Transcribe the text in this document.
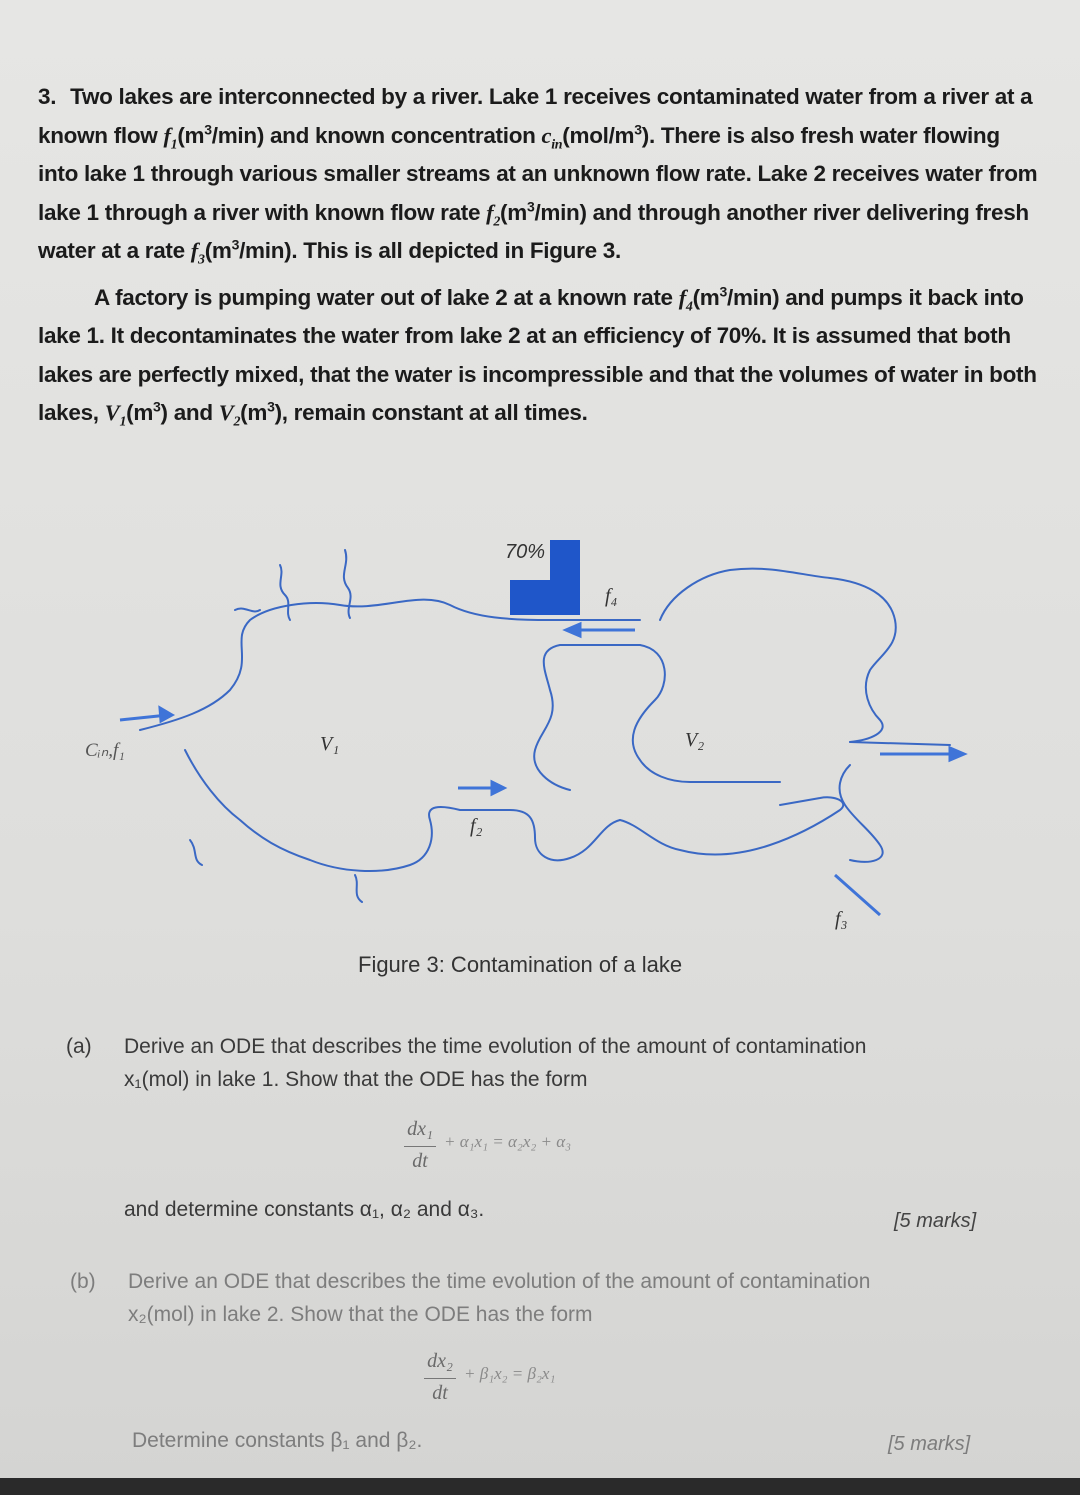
3. Two lakes are interconnected by a river. Lake 1 receives contaminated water from a river at a known flow $f_1(m^3/\min)$ and known concentration $c_{in}(mol/m^3)$. There is also fresh water flowing into lake 1 through various smaller streams at an unknown flow rate. Lake 2 receives water from lake 1 through a river with known flow rate $f_2(m^3/\min)$ and through another river delivering fresh water at a rate $f_3(m^3/\min)$. This is all depicted in Figure 3.

A factory is pumping water out of lake 2 at a known rate $f_4(m^3/\min)$ and pumps it back into lake 1. It decontaminates the water from lake 2 at an efficiency of 70%. It is assumed that both lakes are perfectly mixed, that the water is incompressible and that the volumes of water in both lakes, $V_1(m^3)$ and $V_2(m^3)$, remain constant at all times.

70%
f₄
Cᵢₙ,f₁	V₁	V₂
f₂
f₃
Figure 3: Contamination of a lake
(a) Derive an ODE that describes the time evolution of the amount of contamination
x₁(mol) in lake 1. Show that the ODE has the form
dx₁
dt
+ α₁x₁ = α₂x₂ + α₃
and determine constants α₁, α₂ and α₃.	[5 marks]
(b) Derive an ODE that describes the time evolution of the amount of contamination
x₂(mol) in lake 2. Show that the ODE has the form
dx₂
dt
+ β₁x₂ = β₂x₁
Determine constants β₁ and β₂.	[5 marks]
